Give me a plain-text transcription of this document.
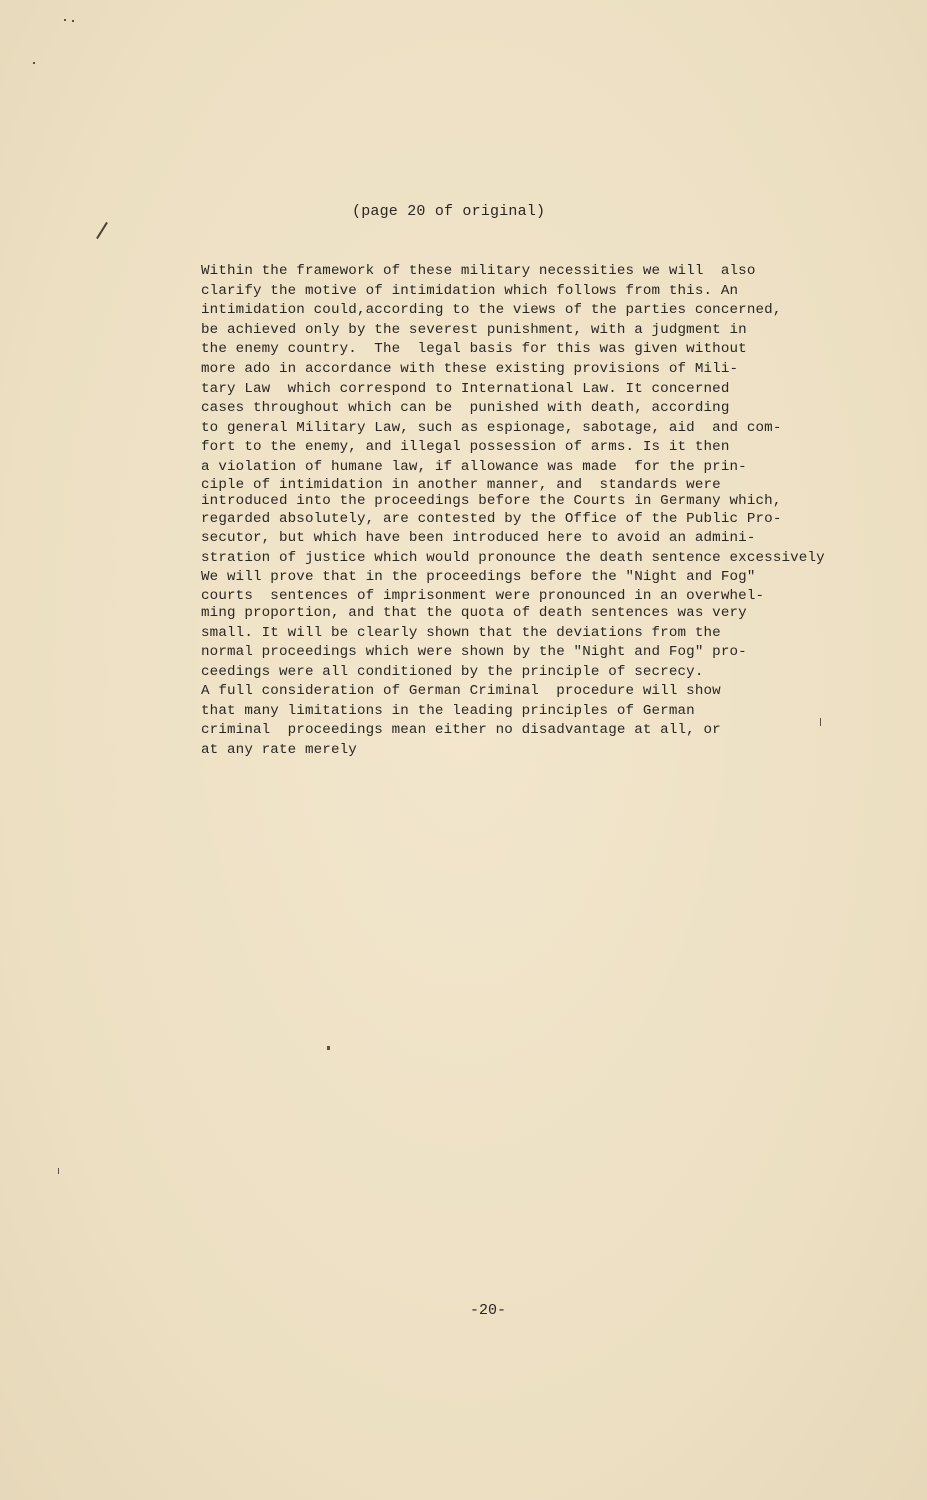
(page 20 of original)
Within the framework of these military necessities we will  also
clarify the motive of intimidation which follows from this. An
intimidation could,according to the views of the parties concerned,
be achieved only by the severest punishment, with a judgment in
the enemy country.  The  legal basis for this was given without
more ado in accordance with these existing provisions of Mili-
tary Law  which correspond to International Law. It concerned
cases throughout which can be  punished with death, according
to general Military Law, such as espionage, sabotage, aid  and com-
fort to the enemy, and illegal possession of arms. Is it then
a violation of humane law, if allowance was made  for the prin-
ciple of intimidation in another manner, and  standards were
introduced into the proceedings before the Courts in Germany which,
regarded absolutely, are contested by the Office of the Public Pro-
secutor, but which have been introduced here to avoid an admini-
stration of justice which would pronounce the death sentence excessively
We will prove that in the proceedings before the "Night and Fog"
courts  sentences of imprisonment were pronounced in an overwhel-
ming proportion, and that the quota of death sentences was very
small. It will be clearly shown that the deviations from the
normal proceedings which were shown by the "Night and Fog" pro-
ceedings were all conditioned by the principle of secrecy.
A full consideration of German Criminal  procedure will show
that many limitations in the leading principles of German
criminal  proceedings mean either no disadvantage at all, or
at any rate merely
-20-
